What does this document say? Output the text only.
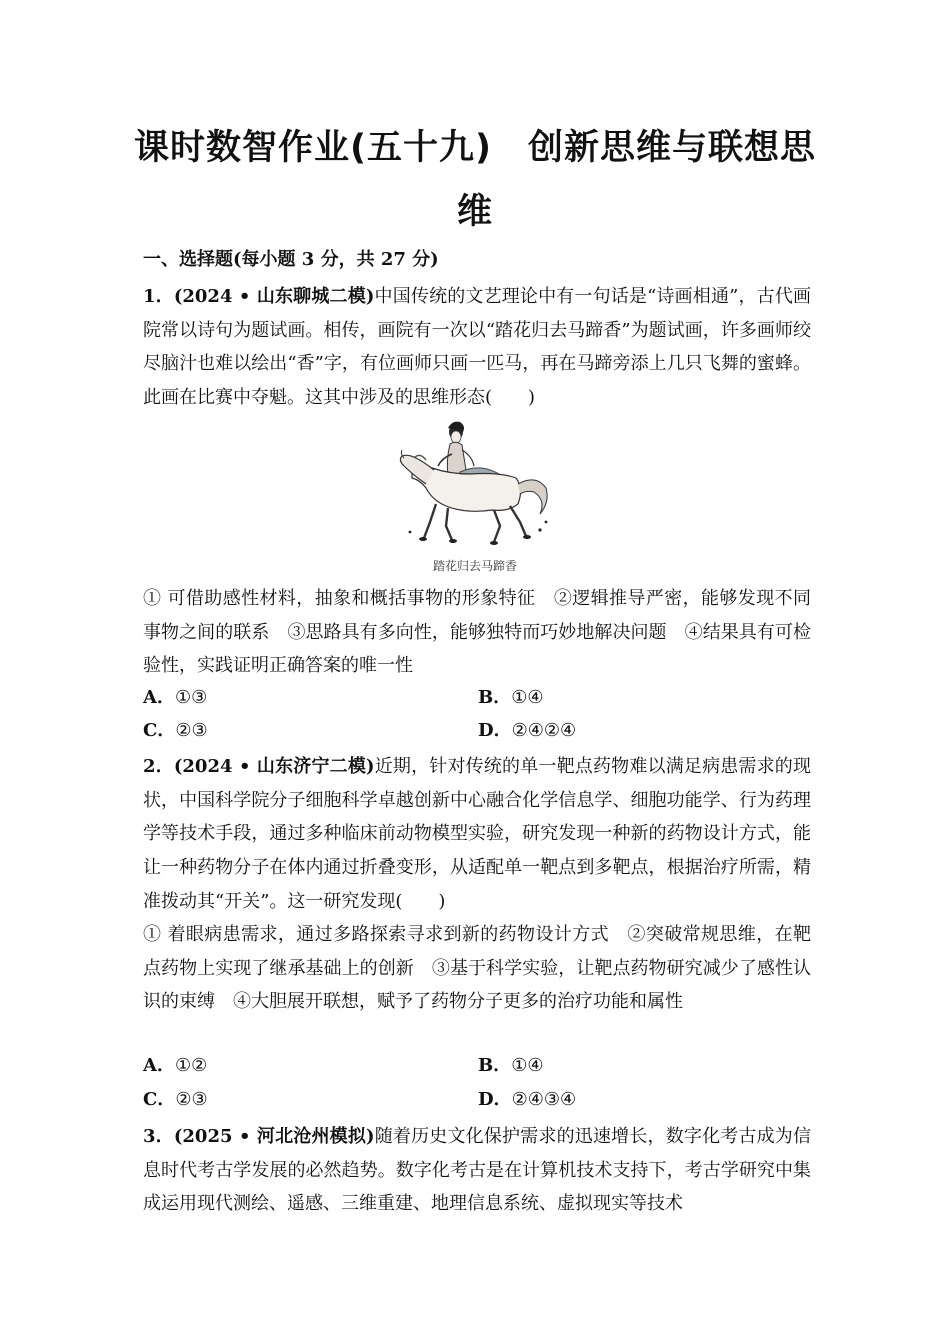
课时数智作业(五十九)　创新思维与联想思
维
一、选择题(每小题 3 分，共 27 分)
1．(2024 • 山东聊城二模)中国传统的文艺理论中有一句话是“诗画相通”，古代画院常以诗句为题试画。相传，画院有一次以“踏花归去马蹄香”为题试画，许多画师绞尽脑汁也难以绘出“香”字，有位画师只画一匹马，再在马蹄旁添上几只飞舞的蜜蜂。此画在比赛中夺魁。这其中涉及的思维形态(　　)
踏花归去马蹄香
① 可借助感性材料，抽象和概括事物的形象特征　②逻辑推导严密，能够发现不同事物之间的联系　③思路具有多向性，能够独特而巧妙地解决问题　④结果具有可检验性，实践证明正确答案的唯一性
A．①③	B．①④
C．②③	D．②④②④
2．(2024 • 山东济宁二模)近期，针对传统的单一靶点药物难以满足病患需求的现状，中国科学院分子细胞科学卓越创新中心融合化学信息学、细胞功能学、行为药理学等技术手段，通过多种临床前动物模型实验，研究发现一种新的药物设计方式，能让一种药物分子在体内通过折叠变形，从适配单一靶点到多靶点，根据治疗所需，精准拨动其“开关”。这一研究发现(　　)
① 着眼病患需求，通过多路探索寻求到新的药物设计方式　②突破常规思维，在靶点药物上实现了继承基础上的创新　③基于科学实验，让靶点药物研究减少了感性认识的束缚　④大胆展开联想，赋予了药物分子更多的治疗功能和属性
A．①②	B．①④
C．②③	D．②④③④
3．(2025 • 河北沧州模拟)随着历史文化保护需求的迅速增长，数字化考古成为信息时代考古学发展的必然趋势。数字化考古是在计算机技术支持下，考古学研究中集成运用现代测绘、遥感、三维重建、地理信息系统、虚拟现实等技术
